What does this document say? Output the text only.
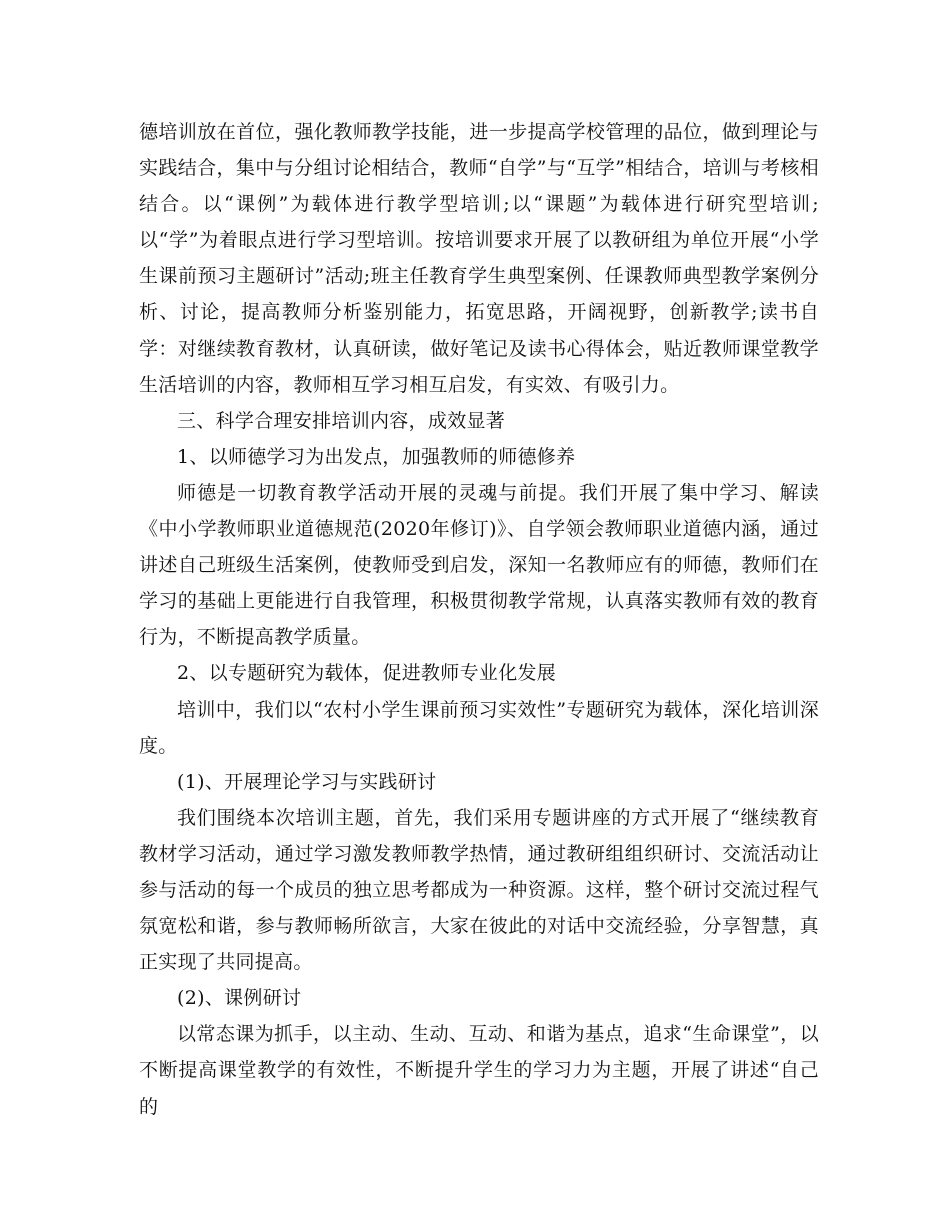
德培训放在首位，强化教师教学技能，进一步提高学校管理的品位，做到理论与实践结合，集中与分组讨论相结合，教师“自学”与“互学”相结合，培训与考核相结合。以“课例”为载体进行教学型培训;以“课题”为载体进行研究型培训;以“学”为着眼点进行学习型培训。按培训要求开展了以教研组为单位开展“小学生课前预习主题研讨”活动;班主任教育学生典型案例、任课教师典型教学案例分析、讨论，提高教师分析鉴别能力，拓宽思路，开阔视野，创新教学;读书自学：对继续教育教材，认真研读，做好笔记及读书心得体会，贴近教师课堂教学生活培训的内容，教师相互学习相互启发，有实效、有吸引力。

三、科学合理安排培训内容，成效显著

1、以师德学习为出发点，加强教师的师德修养

师德是一切教育教学活动开展的灵魂与前提。我们开展了集中学习、解读《中小学教师职业道德规范(2020年修订)》、自学领会教师职业道德内涵，通过讲述自己班级生活案例，使教师受到启发，深知一名教师应有的师德，教师们在学习的基础上更能进行自我管理，积极贯彻教学常规，认真落实教师有效的教育行为，不断提高教学质量。

2、以专题研究为载体，促进教师专业化发展

培训中，我们以“农村小学生课前预习实效性”专题研究为载体，深化培训深度。

(1)、开展理论学习与实践研讨

我们围绕本次培训主题，首先，我们采用专题讲座的方式开展了“继续教育教材学习活动，通过学习激发教师教学热情，通过教研组组织研讨、交流活动让参与活动的每一个成员的独立思考都成为一种资源。这样，整个研讨交流过程气氛宽松和谐，参与教师畅所欲言，大家在彼此的对话中交流经验，分享智慧，真正实现了共同提高。

(2)、课例研讨

以常态课为抓手，以主动、生动、互动、和谐为基点，追求“生命课堂”，以不断提高课堂教学的有效性，不断提升学生的学习力为主题，开展了讲述“自己的
